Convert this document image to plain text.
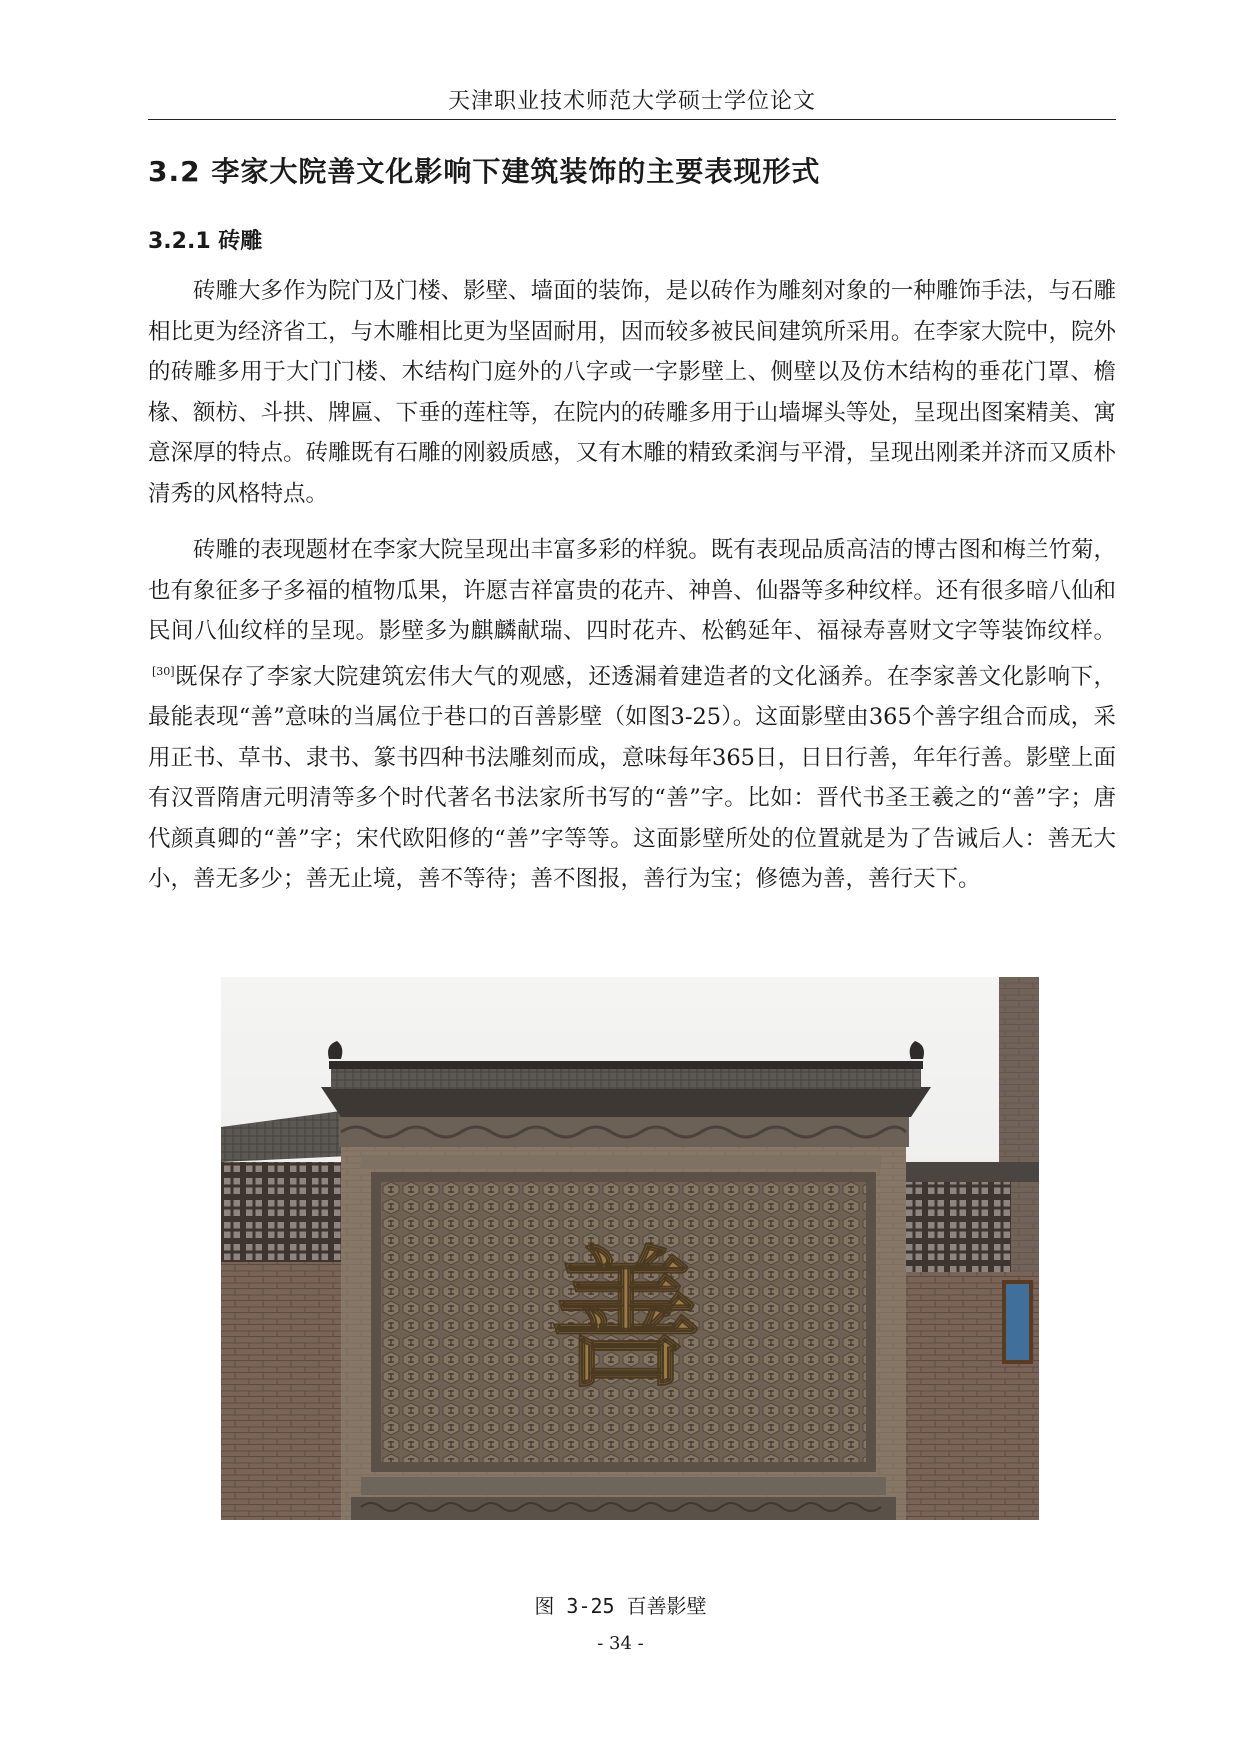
天津职业技术师范大学硕士学位论文
3.2 李家大院善文化影响下建筑装饰的主要表现形式
3.2.1 砖雕

砖雕大多作为院门及门楼、影壁、墙面的装饰，是以砖作为雕刻对象的一种雕饰手法，与石雕相比更为经济省工，与木雕相比更为坚固耐用，因而较多被民间建筑所采用。在李家大院中，院外的砖雕多用于大门门楼、木结构门庭外的八字或一字影壁上、侧壁以及仿木结构的垂花门罩、檐椽、额枋、斗拱、牌匾、下垂的莲柱等，在院内的砖雕多用于山墙墀头等处，呈现出图案精美、寓意深厚的特点。砖雕既有石雕的刚毅质感，又有木雕的精致柔润与平滑，呈现出刚柔并济而又质朴清秀的风格特点。

砖雕的表现题材在李家大院呈现出丰富多彩的样貌。既有表现品质高洁的博古图和梅兰竹菊，也有象征多子多福的植物瓜果，许愿吉祥富贵的花卉、神兽、仙器等多种纹样。还有很多暗八仙和民间八仙纹样的呈现。影壁多为麒麟献瑞、四时花卉、松鹤延年、福禄寿喜财文字等装饰纹样。[30]既保存了李家大院建筑宏伟大气的观感，还透漏着建造者的文化涵养。在李家善文化影响下，最能表现“善”意味的当属位于巷口的百善影壁（如图3-25）。这面影壁由365个善字组合而成，采用正书、草书、隶书、篆书四种书法雕刻而成，意味每年365日，日日行善，年年行善。影壁上面有汉晋隋唐元明清等多个时代著名书法家所书写的“善”字。比如：晋代书圣王羲之的“善”字；唐代颜真卿的“善”字；宋代欧阳修的“善”字等等。这面影壁所处的位置就是为了告诫后人：善无大小，善无多少；善无止境，善不等待；善不图报，善行为宝；修德为善，善行天下。

善
图 3-25 百善影壁
- 34 -
